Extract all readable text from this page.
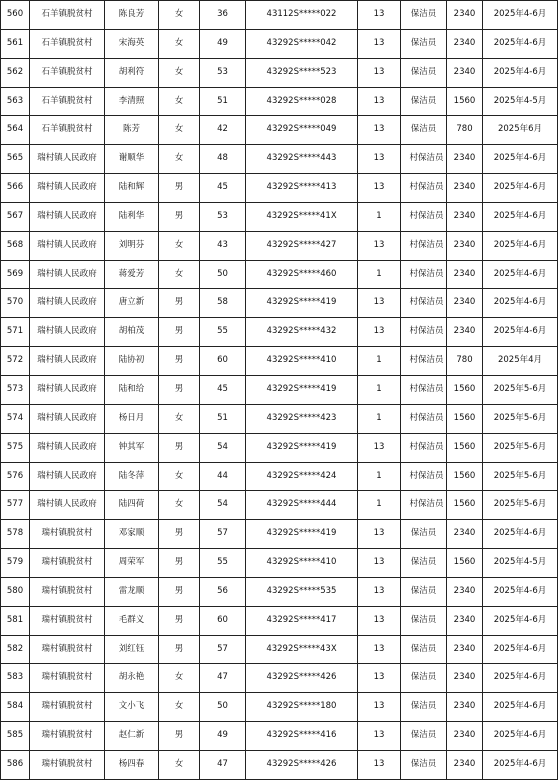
560	石羊镇脱贫村	陈良芳	女	36	43112S*****022	13	保洁员	2340	2025年4-6月
561	石羊镇脱贫村	宋海英	女	49	43292S*****042	13	保洁员	2340	2025年4-6月
562	石羊镇脱贫村	胡利符	女	53	43292S*****523	13	保洁员	2340	2025年4-6月
563	石羊镇脱贫村	李清照	女	51	43292S*****028	13	保洁员	1560	2025年4-5月
564	石羊镇脱贫村	陈芳	女	42	43292S*****049	13	保洁员	780	2025年6月
565	瑞村镇人民政府	谢顺华	女	48	43292S*****443	13	村保洁员	2340	2025年4-6月
566	瑞村镇人民政府	陆和辉	男	45	43292S*****413	13	村保洁员	2340	2025年4-6月
567	瑞村镇人民政府	陆利华	男	53	43292S*****41X	1	村保洁员	2340	2025年4-6月
568	瑞村镇人民政府	刘明芬	女	43	43292S*****427	13	村保洁员	2340	2025年4-6月
569	瑞村镇人民政府	蒋爱芳	女	50	43292S*****460	1	村保洁员	2340	2025年4-6月
570	瑞村镇人民政府	唐立新	男	58	43292S*****419	13	村保洁员	2340	2025年4-6月
571	瑞村镇人民政府	胡柏茂	男	55	43292S*****432	13	村保洁员	2340	2025年4-6月
572	瑞村镇人民政府	陆协初	男	60	43292S*****410	1	村保洁员	780	2025年4月
573	瑞村镇人民政府	陆和给	男	45	43292S*****419	1	村保洁员	1560	2025年5-6月
574	瑞村镇人民政府	杨日月	女	51	43292S*****423	1	村保洁员	1560	2025年5-6月
575	瑞村镇人民政府	钟其军	男	54	43292S*****419	13	村保洁员	1560	2025年5-6月
576	瑞村镇人民政府	陆冬萍	女	44	43292S*****424	1	村保洁员	1560	2025年5-6月
577	瑞村镇人民政府	陆四荷	女	54	43292S*****444	1	村保洁员	1560	2025年5-6月
578	瑞村镇脱贫村	邓家顺	男	57	43292S*****419	13	保洁员	2340	2025年4-6月
579	瑞村镇脱贫村	周荣军	男	55	43292S*****410	13	保洁员	1560	2025年4-5月
580	瑞村镇脱贫村	雷龙顺	男	56	43292S*****535	13	保洁员	2340	2025年4-6月
581	瑞村镇脱贫村	毛群义	男	60	43292S*****417	13	保洁员	2340	2025年4-6月
582	瑞村镇脱贫村	刘红钰	男	57	43292S*****43X	13	保洁员	2340	2025年4-6月
583	瑞村镇脱贫村	胡永艳	女	47	43292S*****426	13	保洁员	2340	2025年4-6月
584	瑞村镇脱贫村	文小飞	女	50	43292S*****180	13	保洁员	2340	2025年4-6月
585	瑞村镇脱贫村	赵仁新	男	49	43292S*****416	13	保洁员	2340	2025年4-6月
586	瑞村镇脱贫村	杨四春	女	47	43292S*****426	13	保洁员	2340	2025年4-6月
